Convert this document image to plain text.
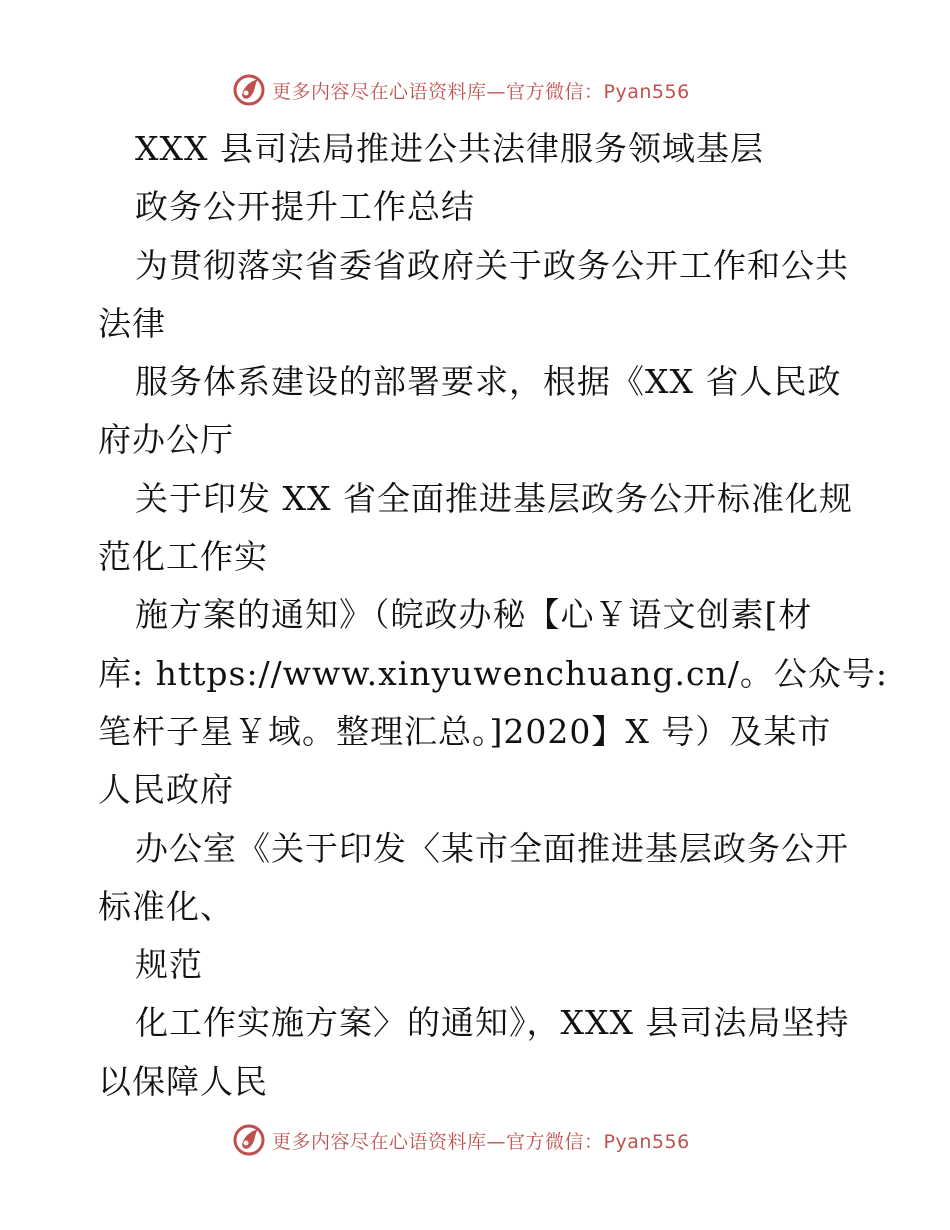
更多内容尽在心语资料库—官方微信：Pyan556
XXX 县司法局推进公共法律服务领域基层
政务公开提升工作总结
为贯彻落实省委省政府关于政务公开工作和公共
法律
服务体系建设的部署要求，根据《XX 省人民政
府办公厅
关于印发 XX 省全面推进基层政务公开标准化规
范化工作实
施方案的通知》（皖政办秘【心￥语文创素[材
库: https://www.xinyuwenchuang.cn/。公众号:
笔杆子星￥域。整理汇总。]2020】X 号）及某市
人民政府
办公室《关于印发〈某市全面推进基层政务公开
标准化、
规范
化工作实施方案〉的通知》，XXX 县司法局坚持
以保障人民
更多内容尽在心语资料库—官方微信：Pyan556
